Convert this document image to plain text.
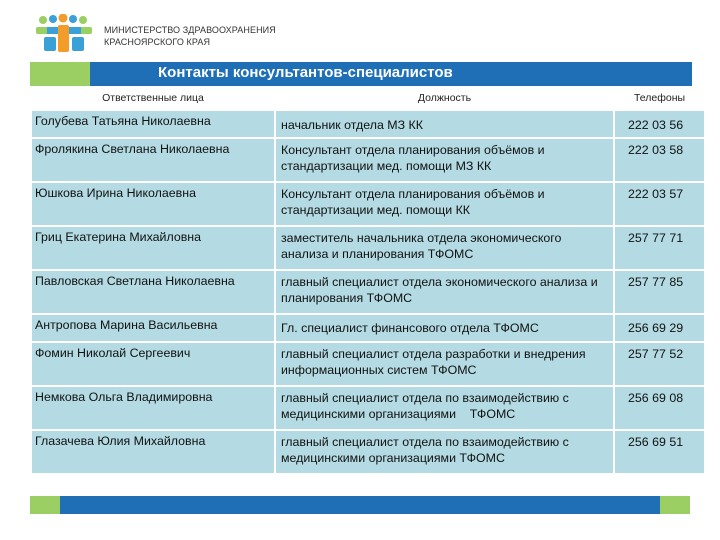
МИНИСТЕРСТВО ЗДРАВООХРАНЕНИЯ
КРАСНОЯРСКОГО КРАЯ
Контакты консультантов-специалистов
Ответственные лица	Должность	Телефоны
Голубева Татьяна Николаевна	начальник отдела МЗ КК	222 03 56
Фролякина Светлана Николаевна	Консультант отдела планирования объёмов и стандартизации мед. помощи МЗ КК	222 03 58
Юшкова Ирина Николаевна	Консультант отдела планирования объёмов и стандартизации мед. помощи КК	222 03 57
Гриц Екатерина Михайловна	заместитель начальника отдела экономического анализа и планирования ТФОМС	257 77 71
Павловская Светлана Николаевна	главный специалист отдела экономического анализа и планирования ТФОМС	257 77 85
Антропова Марина Васильевна	Гл. специалист финансового отдела ТФОМС	256 69 29
Фомин Николай Сергеевич	главный специалист отдела разработки и внедрения информационных систем ТФОМС	257 77 52
Немкова Ольга Владимировна	главный специалист отдела по взаимодействию с медицинскими организациями    ТФОМС	256 69 08
Глазачева Юлия Михайловна	главный специалист отдела по взаимодействию с медицинскими организациями ТФОМС	256 69 51
